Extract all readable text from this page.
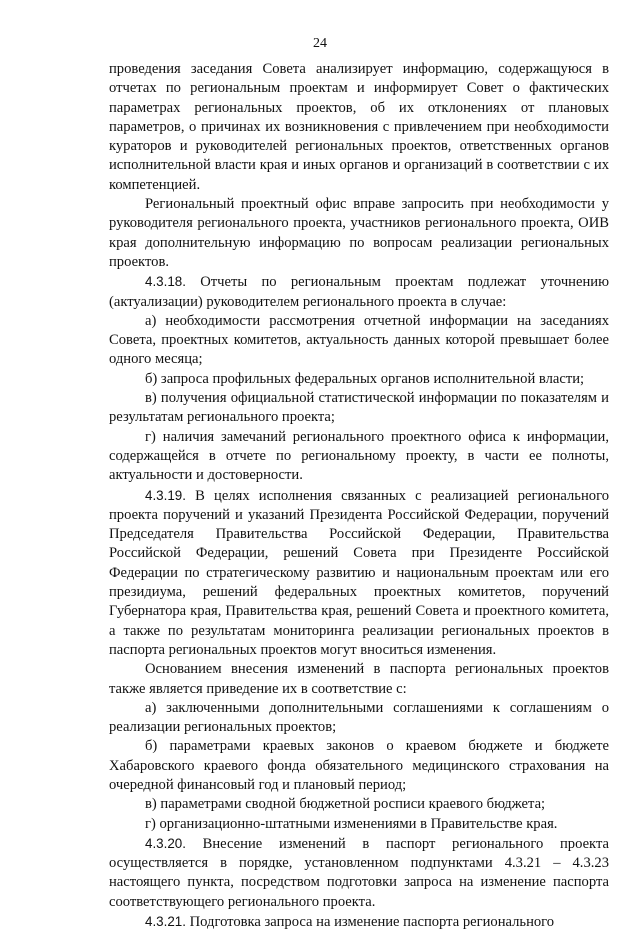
24

проведения заседания Совета анализирует информацию, содержащуюся в отчетах по региональным проектам и информирует Совет о фактических параметрах региональных проектов, об их отклонениях от плановых параметров, о причинах их возникновения с привлечением при необходимости кураторов и руководителей региональных проектов, ответственных органов исполнительной власти края и иных органов и организаций в соответствии с их компетенцией.

Региональный проектный офис вправе запросить при необходимости у руководителя регионального проекта, участников регионального проекта, ОИВ края дополнительную информацию по вопросам реализации региональных проектов.

4.3.18. Отчеты по региональным проектам подлежат уточнению (актуализации) руководителем регионального проекта в случае:

а) необходимости рассмотрения отчетной информации на заседаниях Совета, проектных комитетов, актуальность данных которой превышает более одного месяца;

б) запроса профильных федеральных органов исполнительной власти;

в) получения официальной статистической информации по показателям и результатам регионального проекта;

г) наличия замечаний регионального проектного офиса к информации, содержащейся в отчете по региональному проекту, в части ее полноты, актуальности и достоверности.

4.3.19. В целях исполнения связанных с реализацией регионального проекта поручений и указаний Президента Российской Федерации, поручений Председателя Правительства Российской Федерации, Правительства Российской Федерации, решений Совета при Президенте Российской Федерации по стратегическому развитию и национальным проектам или его президиума, решений федеральных проектных комитетов, поручений Губернатора края, Правительства края, решений Совета и проектного комитета, а также по результатам мониторинга реализации региональных проектов в паспорта региональных проектов могут вноситься изменения.

Основанием внесения изменений в паспорта региональных проектов также является приведение их в соответствие с:

а) заключенными дополнительными соглашениями к соглашениям о реализации региональных проектов;

б) параметрами краевых законов о краевом бюджете и бюджете Хабаровского краевого фонда обязательного медицинского страхования на очередной финансовый год и плановый период;

в) параметрами сводной бюджетной росписи краевого бюджета;

г) организационно-штатными изменениями в Правительстве края.

4.3.20. Внесение изменений в паспорт регионального проекта осуществляется в порядке, установленном подпунктами 4.3.21 – 4.3.23 настоящего пункта, посредством подготовки запроса на изменение паспорта соответствующего регионального проекта.

4.3.21. Подготовка запроса на изменение паспорта регионального
